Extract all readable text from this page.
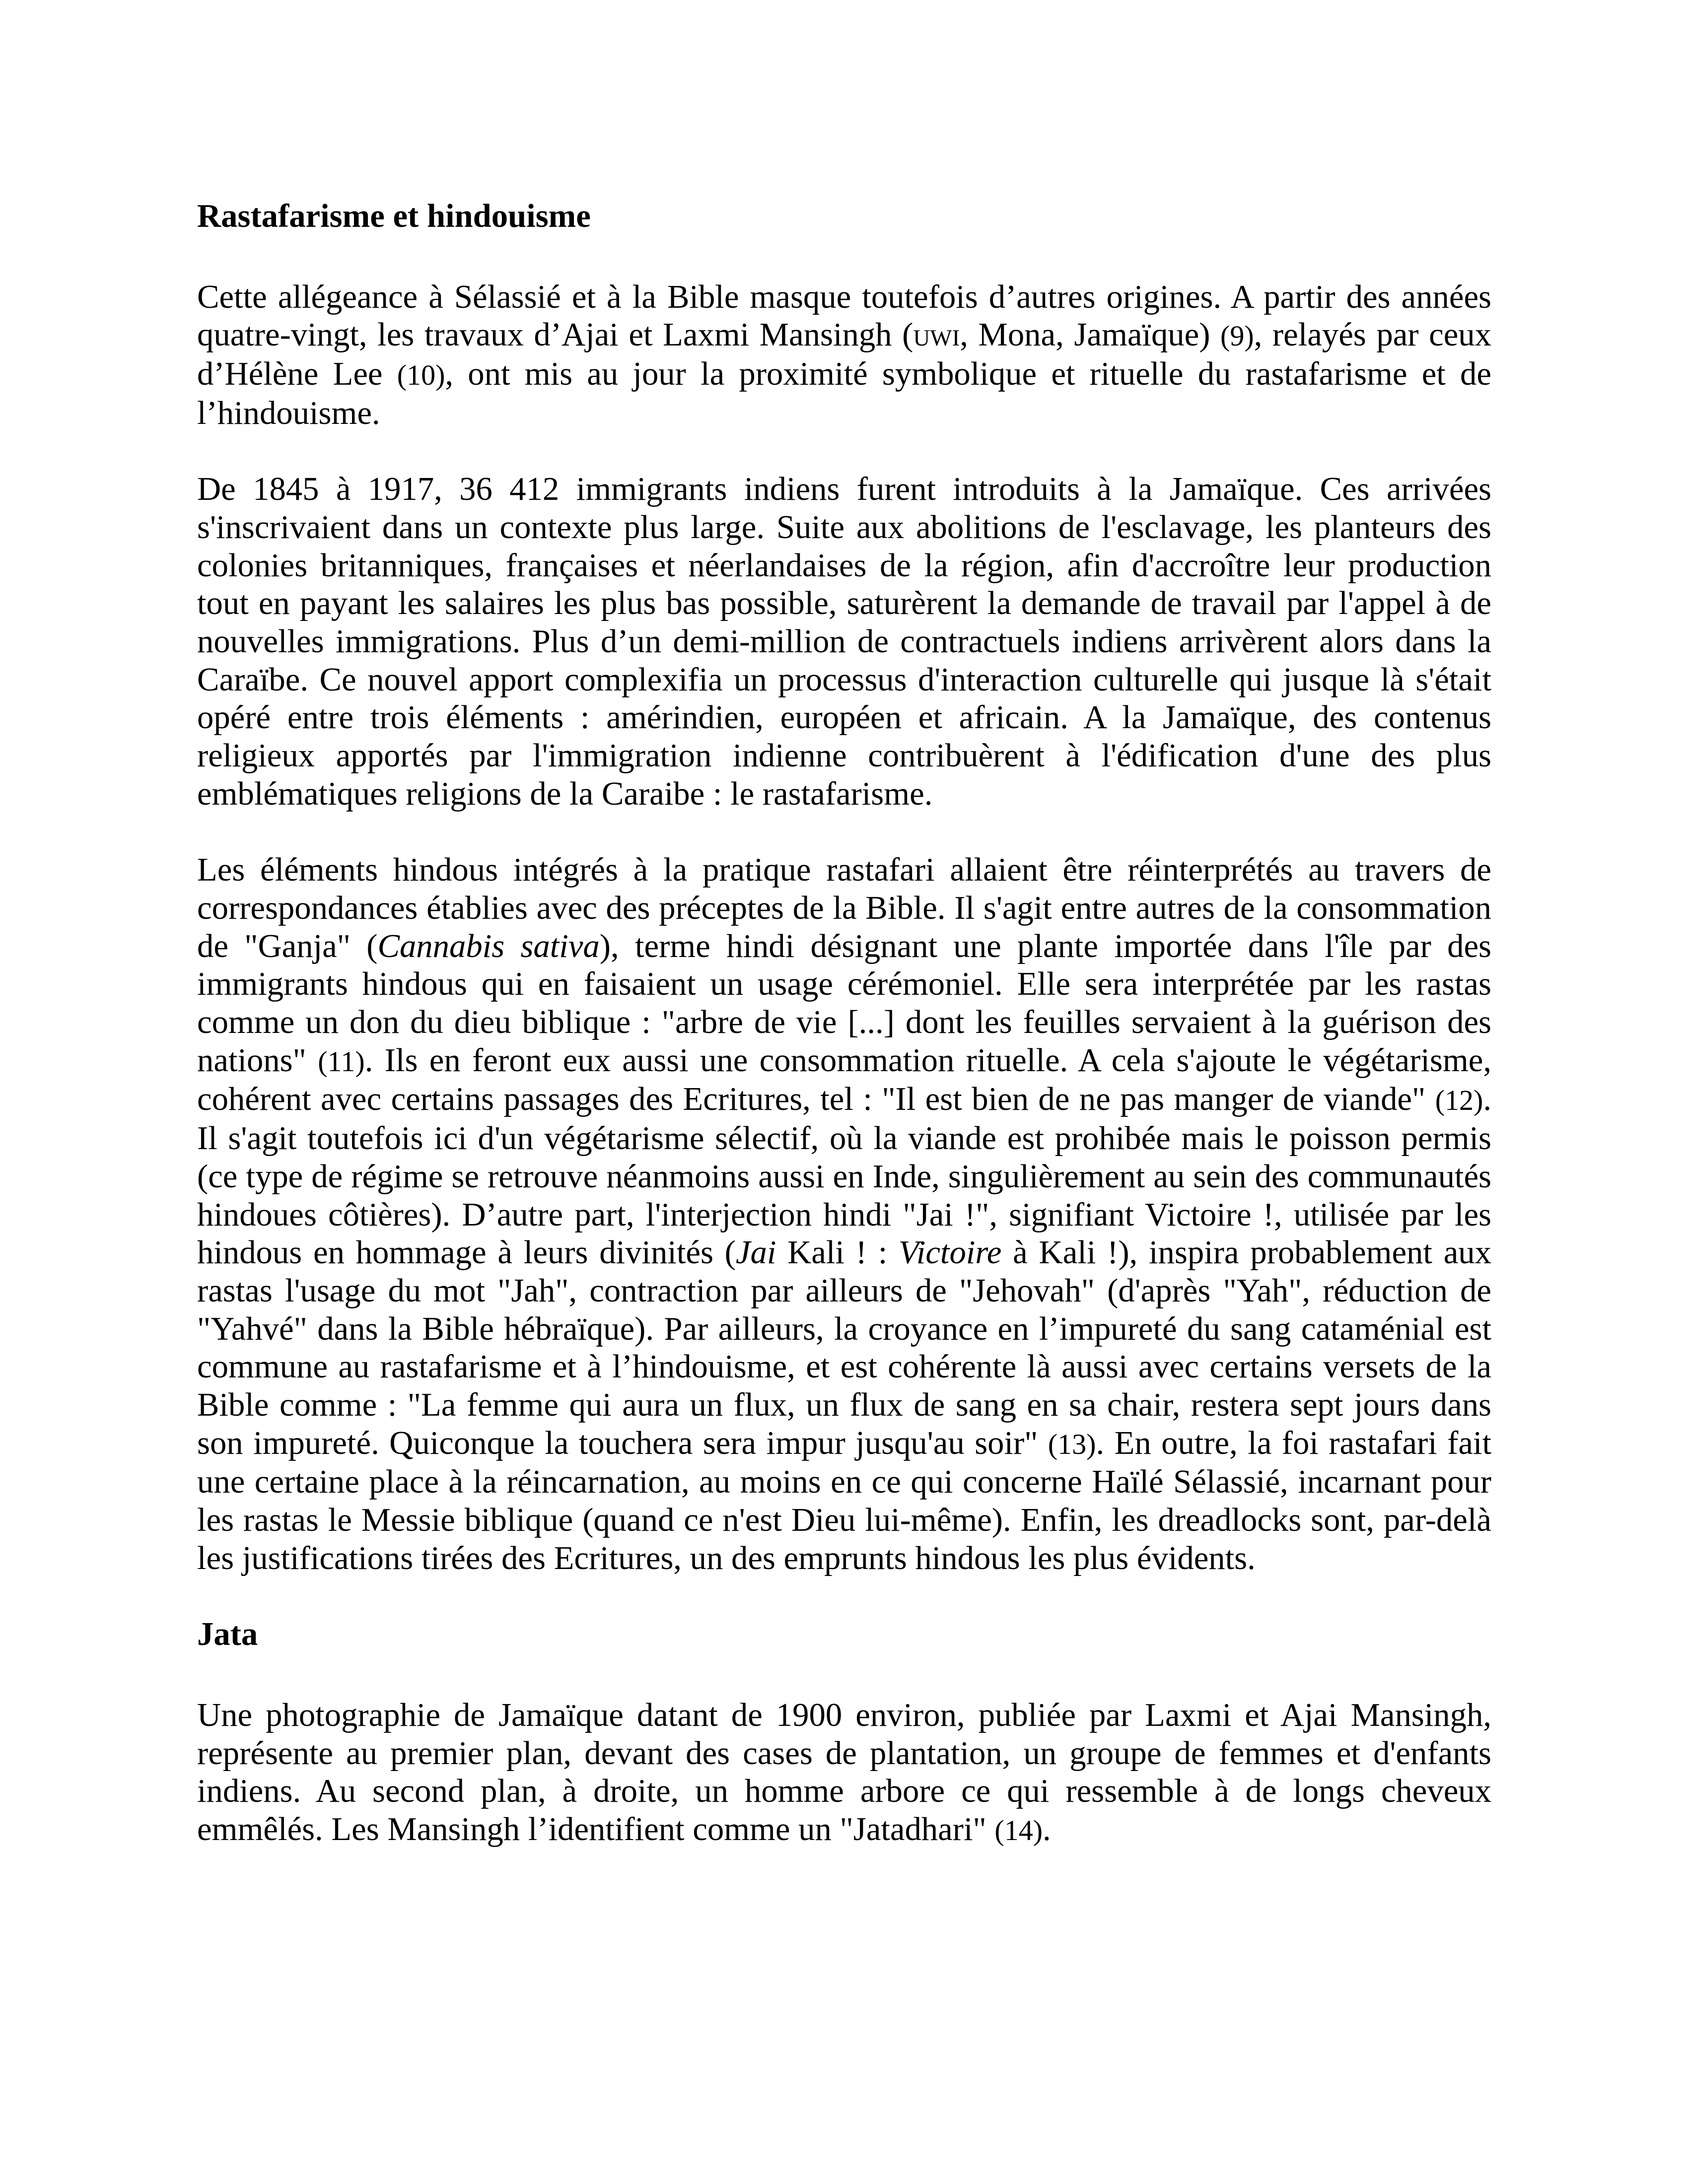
Rastafarisme et hindouisme

Cette allégeance à Sélassié et à la Bible masque toutefois d’autres origines. A partir des années quatre-vingt, les travaux d’Ajai et Laxmi Mansingh (uwi, Mona, Jamaïque) (9), relayés par ceux d’Hélène Lee (10), ont mis au jour la proximité symbolique et rituelle du rastafarisme et de l’hindouisme.

De 1845 à 1917, 36 412 immigrants indiens furent introduits à la Jamaïque. Ces arrivées s'inscrivaient dans un contexte plus large. Suite aux abolitions de l'esclavage, les planteurs des colonies britanniques, françaises et néerlandaises de la région, afin d'accroître leur production tout en payant les salaires les plus bas possible, saturèrent la demande de travail par l'appel à de nouvelles immigrations. Plus d’un demi-million de contractuels indiens arrivèrent alors dans la Caraïbe. Ce nouvel apport complexifia un processus d'interaction culturelle qui jusque là s'était opéré entre trois éléments : amérindien, européen et africain. A la Jamaïque, des contenus religieux apportés par l'immigration indienne contribuèrent à l'édification d'une des plus emblématiques religions de la Caraibe : le rastafarisme.

Les éléments hindous intégrés à la pratique rastafari allaient être réinterprétés au travers de correspondances établies avec des préceptes de la Bible. Il s'agit entre autres de la consommation de "Ganja" (Cannabis sativa), terme hindi désignant une plante importée dans l'île par des immigrants hindous qui en faisaient un usage cérémoniel. Elle sera interprétée par les rastas comme un don du dieu biblique : "arbre de vie [...] dont les feuilles servaient à la guérison des nations" (11). Ils en feront eux aussi une consommation rituelle. A cela s'ajoute le végétarisme, cohérent avec certains passages des Ecritures, tel : "Il est bien de ne pas manger de viande" (12). Il s'agit toutefois ici d'un végétarisme sélectif, où la viande est prohibée mais le poisson permis (ce type de régime se retrouve néanmoins aussi en Inde, singulièrement au sein des communautés hindoues côtières). D’autre part, l'interjection hindi "Jai !", signifiant Victoire !, utilisée par les hindous en hommage à leurs divinités (Jai Kali ! : Victoire à Kali !), inspira probablement aux rastas l'usage du mot "Jah", contraction par ailleurs de "Jehovah" (d'après "Yah", réduction de "Yahvé" dans la Bible hébraïque). Par ailleurs, la croyance en l’impureté du sang cataménial est commune au rastafarisme et à l’hindouisme, et est cohérente là aussi avec certains versets de la Bible comme : "La femme qui aura un flux, un flux de sang en sa chair, restera sept jours dans son impureté. Quiconque la touchera sera impur jusqu'au soir" (13). En outre, la foi rastafari fait une certaine place à la réincarnation, au moins en ce qui concerne Haïlé Sélassié, incarnant pour les rastas le Messie biblique (quand ce n'est Dieu lui-même). Enfin, les dreadlocks sont, par-delà les justifications tirées des Ecritures, un des emprunts hindous les plus évidents.

Jata

Une photographie de Jamaïque datant de 1900 environ, publiée par Laxmi et Ajai Mansingh, représente au premier plan, devant des cases de plantation, un groupe de femmes et d'enfants indiens. Au second plan, à droite, un homme arbore ce qui ressemble à de longs cheveux emmêlés. Les Mansingh l’identifient comme un "Jatadhari" (14).
